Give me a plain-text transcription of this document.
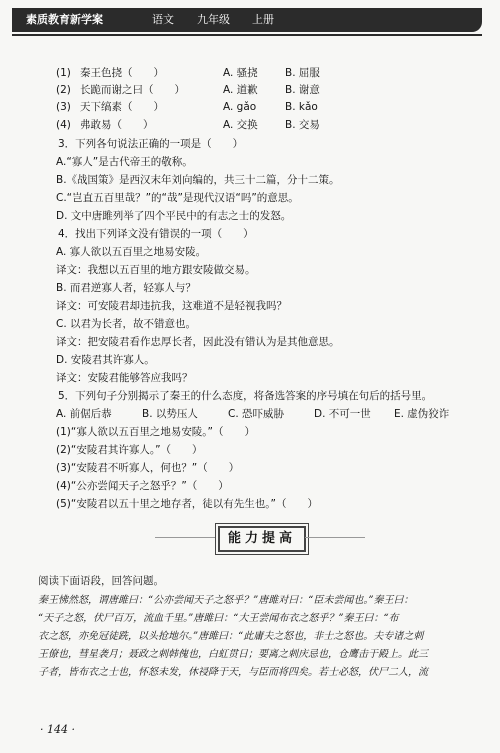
素质教育新学案	语文 九年级 上册
(1) 秦王色挠（　　）	A. 骚挠	B. 屈服
(2) 长跪而谢之曰（　　）	A. 道歉	B. 谢意
(3) 天下缟素（　　）	A. gǎo	B. kǎo
(4) 弗敢易（　　）	A. 交换	B. 交易
3．下列各句说法正确的一项是（　　）
A.“寡人”是古代帝王的敬称。
B.《战国策》是西汉末年刘向编的，共三十二篇，分十二策。
C.“岂直五百里哉？”的“哉”是现代汉语“吗”的意思。
D. 文中唐雎列举了四个平民中的有志之士的发怒。
4．找出下列译文没有错误的一项（　　）
A. 寡人欲以五百里之地易安陵。
译文：我想以五百里的地方跟安陵做交易。
B. 而君逆寡人者，轻寡人与？
译文：可安陵君却违抗我，这难道不是轻视我吗？
C. 以君为长者，故不错意也。
译文：把安陵君看作忠厚长者，因此没有错认为是其他意思。
D. 安陵君其许寡人。
译文：安陵君能够答应我吗？
5．下列句子分别揭示了秦王的什么态度，将备选答案的序号填在句后的括号里。
A. 前倨后恭	B. 以势压人	C. 恐吓威胁	D. 不可一世 E. 虚伪狡诈
(1)“寡人欲以五百里之地易安陵。”（　　）
(2)“安陵君其许寡人。”（　　）
(3)“安陵君不听寡人，何也？”（　　）
(4)“公亦尝闻天子之怒乎？”（　　）
(5)“安陵君以五十里之地存者，徒以有先生也。”（　　）
能力提高
阅读下面语段，回答问题。
秦王怫然怒，谓唐雎曰：“公亦尝闻天子之怒乎？”唐雎对曰：“臣未尝闻也。”秦王曰：
“天子之怒，伏尸百万，流血千里。”唐雎曰：“大王尝闻布衣之怒乎？”秦王曰：“布
衣之怒，亦免冠徒跣，以头抢地尔。”唐雎曰：“此庸夫之怒也，非士之怒也。夫专诸之刺
王僚也，彗星袭月；聂政之刺韩傀也，白虹贯日；要离之刺庆忌也，仓鹰击于殿上。此三
子者，皆布衣之士也，怀怒未发，休祲降于天，与臣而将四矣。若士必怒，伏尸二人，流
· 144 ·
